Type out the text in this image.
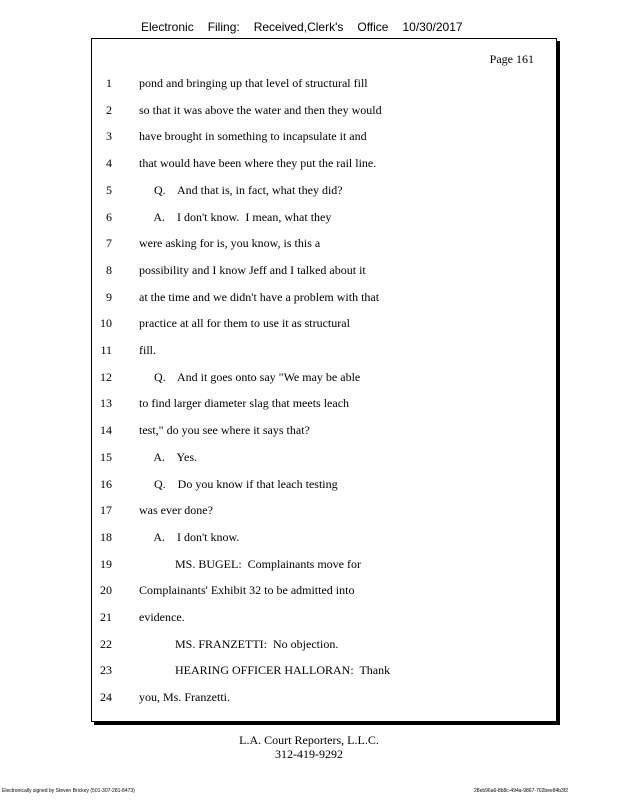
Electronic Filing: Received,Clerk's Office 10/30/2017
Page 161
1 pond and bringing up that level of structural fill
2 so that it was above the water and then they would
3 have brought in something to incapsulate it and
4 that would have been where they put the rail line.
5 Q.    And that is, in fact, what they did?
6 A.    I don't know.  I mean, what they
7 were asking for is, you know, is this a
8 possibility and I know Jeff and I talked about it
9 at the time and we didn't have a problem with that
10 practice at all for them to use it as structural
11 fill.
12 Q.    And it goes onto say "We may be able
13 to find larger diameter slag that meets leach
14 test," do you see where it says that?
15 A.    Yes.
16 Q.    Do you know if that leach testing
17 was ever done?
18 A.    I don't know.
19 MS. BUGEL:  Complainants move for
20 Complainants' Exhibit 32 to be admitted into
21 evidence.
22 MS. FRANZETTI:  No objection.
23 HEARING OFFICER HALLORAN:  Thank
24 you, Ms. Franzetti.
L.A. Court Reporters, L.L.C.
312-419-9292
Electronically signed by Steven Brickey (501-307-281-8473)	28eb96a6-8b8c-494a-9867-702bee84b3f2
